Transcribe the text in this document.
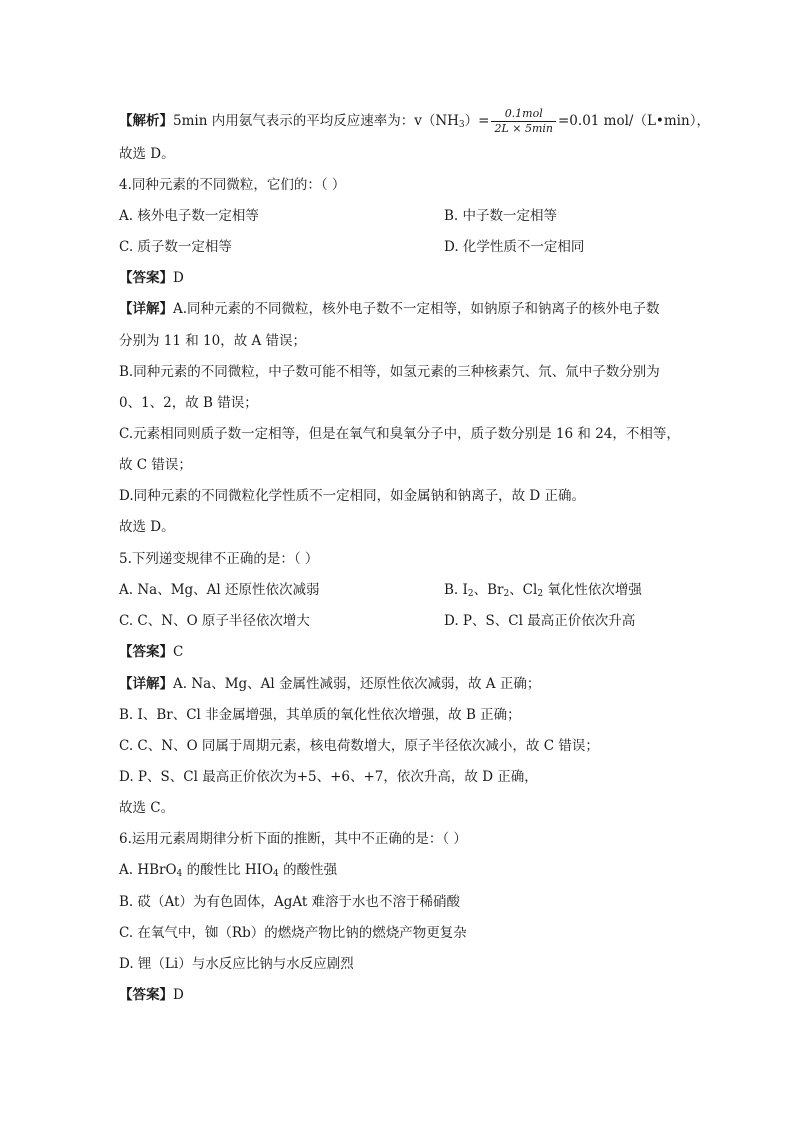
【解析】5min 内用氨气表示的平均反应速率为：$v(NH_3)= \frac{\text{0.1mol}}{2L \times 5\min} =0.01$ mol/（L•min），
故选 D。
4.同种元素的不同微粒，它们的：（ ）
A. 核外电子数一定相等	B. 中子数一定相等
C. 质子数一定相等	D. 化学性质不一定相同
【答案】D
【详解】A.同种元素的不同微粒，核外电子数不一定相等，如钠原子和钠离子的核外电子数
分别为 11 和 10，故 A 错误；
B.同种元素的不同微粒，中子数可能不相等，如氢元素的三种核素氕、氘、氚中子数分别为
0、1、2，故 B 错误；
C.元素相同则质子数一定相等，但是在氧气和臭氧分子中，质子数分别是 16 和 24，不相等，
故 C 错误；
D.同种元素的不同微粒化学性质不一定相同，如金属钠和钠离子，故 D 正确。
故选 D。
5.下列递变规律不正确的是：（ ）
A. Na、Mg、Al 还原性依次减弱	B. $I_2$、$Br_2$、$Cl_2$ 氧化性依次增强
C. C、N、O 原子半径依次增大	D. P、S、Cl 最高正价依次升高
【答案】C
【详解】A. Na、Mg、Al 金属性减弱，还原性依次减弱，故 A 正确；
B. I、Br、Cl 非金属增强，其单质的氧化性依次增强，故 B 正确；
C. C、N、O 同属于周期元素，核电荷数增大，原子半径依次减小，故 C 错误；
D. P、S、Cl 最高正价依次为+5、+6、+7，依次升高，故 D 正确，
故选 C。
6.运用元素周期律分析下面的推断，其中不正确的是：（ ）
A. HBrO$_4$ 的酸性比 $HIO_4$ 的酸性强
B. 砹（At）为有色固体，AgAt 难溶于水也不溶于稀硝酸
C. 在氧气中，铷（Rb）的燃烧产物比钠的燃烧产物更复杂
D. 锂（Li）与水反应比钠与水反应剧烈
【答案】D
